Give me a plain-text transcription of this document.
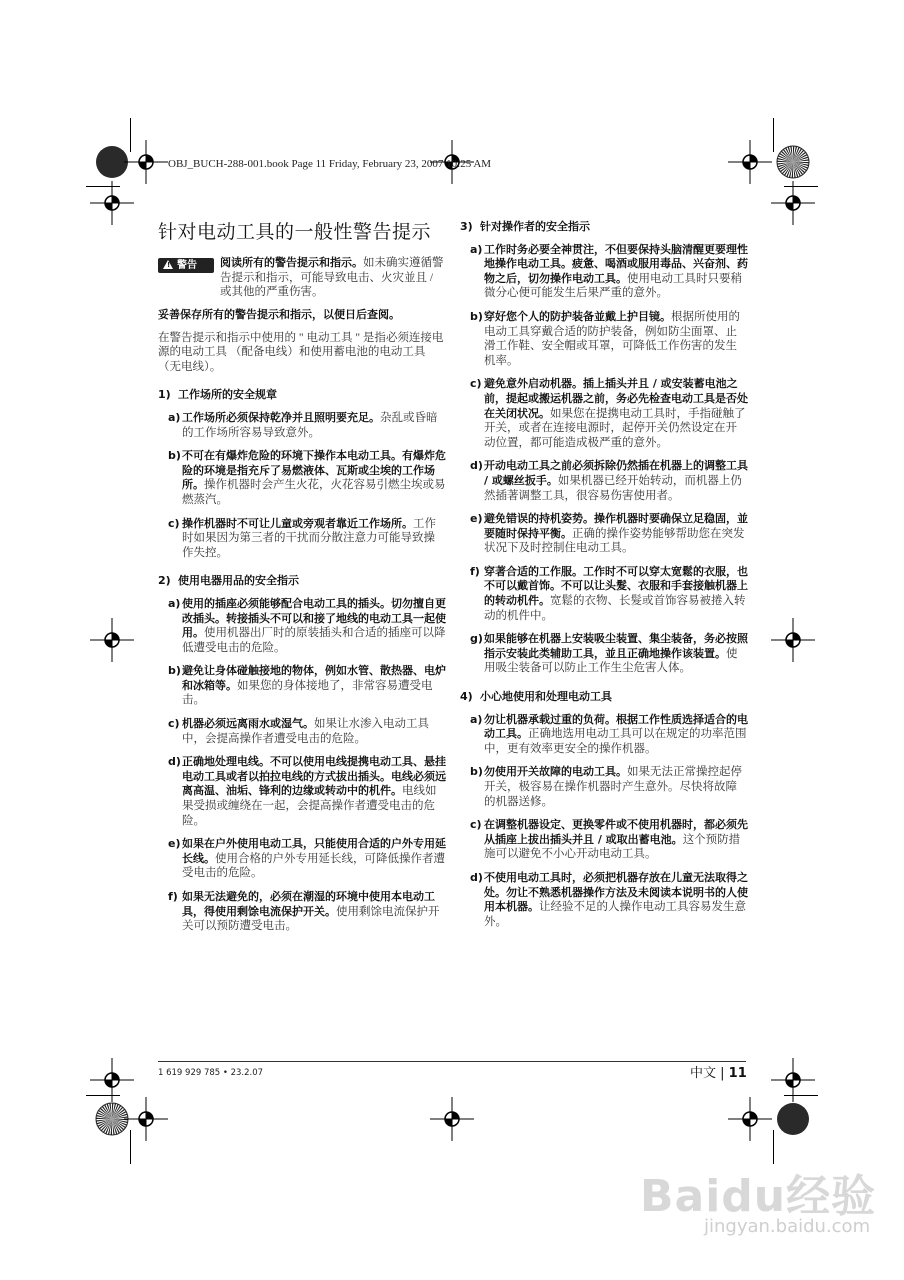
OBJ_BUCH-288-001.book Page 11 Friday, February 23, 2007 10:25 AM
针对电动工具的一般性警告提示
! 警告	阅读所有的警告提示和指示。如未确实遵循警告提示和指示，可能导致电击、火灾並且 / 或其他的严重伤害。

妥善保存所有的警告提示和指示，以便日后查阅。

在警告提示和指示中使用的 " 电动工具 " 是指必须连接电源的电动工具 （配备电线）和使用蓄电池的电动工具（无电线）。

1) 工作场所的安全规章
a) 工作场所必须保持乾净并且照明要充足。杂乱或昏暗的工作场所容易导致意外。
b) 不可在有爆炸危险的环境下操作本电动工具。有爆炸危险的环境是指充斥了易燃液体、瓦斯或尘埃的工作场所。操作机器时会产生火花，火花容易引燃尘埃或易燃蒸汽。
c) 操作机器时不可让儿童或旁观者靠近工作场所。工作时如果因为第三者的干扰而分散注意力可能导致操作失控。
2) 使用电器用品的安全指示
a) 使用的插座必须能够配合电动工具的插头。切勿擅自更改插头。转接插头不可以和接了地线的电动工具一起使用。使用机器出厂时的原装插头和合适的插座可以降低遭受电击的危险。
b) 避免让身体碰触接地的物体，例如水管、散热器、电炉和冰箱等。如果您的身体接地了，非常容易遭受电击。
c) 机器必须远离雨水或湿气。如果让水渗入电动工具中，会提高操作者遭受电击的危险。
d) 正确地处理电线。不可以使用电线提携电动工具、悬挂电动工具或者以拍拉电线的方式拔出插头。电线必须远离高温、油垢、锋利的边缘或转动中的机件。电线如果受损或缠绕在一起，会提高操作者遭受电击的危险。
e) 如果在户外使用电动工具，只能使用合适的户外专用延长线。使用合格的户外专用延长线，可降低操作者遭受电击的危险。
f) 如果无法避免的，必须在潮湿的环境中使用本电动工具，得使用剩馀电流保护开关。使用剩馀电流保护开关可以预防遭受电击。
3) 针对操作者的安全指示
a) 工作时务必要全神贯注，不但要保持头脑清醒更要理性地操作电动工具。疲惫、喝酒或服用毒品、兴奋剂、药物之后，切勿操作电动工具。使用电动工具时只要稍微分心便可能发生后果严重的意外。
b) 穿好您个人的防护装备並戴上护目镜。根据所使用的电动工具穿戴合适的防护装备，例如防尘面罩、止滑工作鞋、安全帽或耳罩，可降低工作伤害的发生机率。
c) 避免意外启动机器。插上插头并且 / 或安装蓄电池之前，提起或搬运机器之前，务必先检查电动工具是否处在关闭状况。如果您在提携电动工具时，手指碰触了开关，或者在连接电源时，起停开关仍然设定在开动位置，都可能造成极严重的意外。
d) 开动电动工具之前必须拆除仍然插在机器上的调整工具 / 或螺丝扳手。如果机器已经开始转动，而机器上仍然插著调整工具，很容易伤害使用者。
e) 避免错误的持机姿势。操作机器时要确保立足稳固，並要随时保持平衡。正确的操作姿势能够帮助您在突发状况下及时控制住电动工具。
f) 穿著合适的工作服。工作时不可以穿太宽鬆的衣服，也不可以戴首饰。不可以让头髮、衣服和手套接触机器上的转动机件。宽鬆的衣物、长髮或首饰容易被捲入转动的机件中。
g) 如果能够在机器上安装吸尘装置、集尘装备，务必按照指示安装此类辅助工具，並且正确地操作该装置。使用吸尘装备可以防止工作生尘危害人体。
4) 小心地使用和处理电动工具
a) 勿让机器承载过重的负荷。根据工作性质选择适合的电动工具。正确地选用电动工具可以在规定的功率范围中，更有效率更安全的操作机器。
b) 勿使用开关故障的电动工具。如果无法正常操控起停开关，极容易在操作机器时产生意外。尽快将故障的机器送修。
c) 在调整机器设定、更换零件或不使用机器时，都必须先从插座上拔出插头并且 / 或取出蓄电池。这个预防措施可以避免不小心开动电动工具。
d) 不使用电动工具时，必须把机器存放在儿童无法取得之处。勿让不熟悉机器操作方法及未阅读本说明书的人使用本机器。让经验不足的人操作电动工具容易发生意外。
1 619 929 785 • 23.2.07	中文 | 11
Baidu经验
jingyan.baidu.com
